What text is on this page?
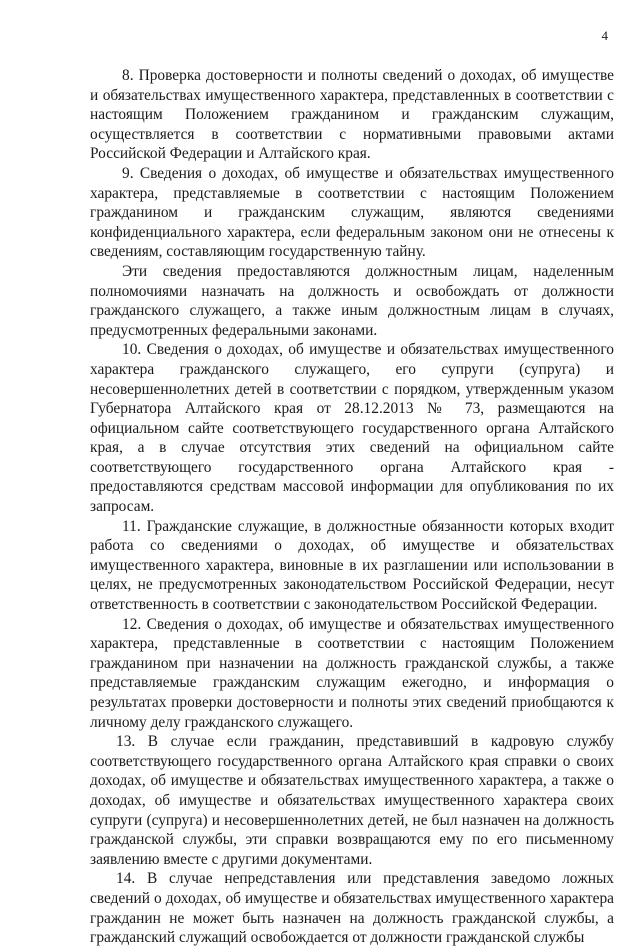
4

8. Проверка достоверности и полноты сведений о доходах, об имуществе и обязательствах имущественного характера, представленных в соответствии с настоящим Положением гражданином и гражданским служащим, осуществляется в соответствии с нормативными правовыми актами Российской Федерации и Алтайского края.

9. Сведения о доходах, об имуществе и обязательствах имущественного характера, представляемые в соответствии с настоящим Положением гражданином и гражданским служащим, являются сведениями конфиденциального характера, если федеральным законом они не отнесены к сведениям, составляющим государственную тайну.

Эти сведения предоставляются должностным лицам, наделенным полномочиями назначать на должность и освобождать от должности гражданского служащего, а также иным должностным лицам в случаях, предусмотренных федеральными законами.

10. Сведения о доходах, об имуществе и обязательствах имущественного характера гражданского служащего, его супруги (супруга) и несовершеннолетних детей в соответствии с порядком, утвержденным указом Губернатора Алтайского края от 28.12.2013 № 73, размещаются на официальном сайте соответствующего государственного органа Алтайского края, а в случае отсутствия этих сведений на официальном сайте соответствующего государственного органа Алтайского края - предоставляются средствам массовой информации для опубликования по их запросам.

11. Гражданские служащие, в должностные обязанности которых входит работа со сведениями о доходах, об имуществе и обязательствах имущественного характера, виновные в их разглашении или использовании в целях, не предусмотренных законодательством Российской Федерации, несут ответственность в соответствии с законодательством Российской Федерации.

12. Сведения о доходах, об имуществе и обязательствах имущественного характера, представленные в соответствии с настоящим Положением гражданином при назначении на должность гражданской службы, а также представляемые гражданским служащим ежегодно, и информация о результатах проверки достоверности и полноты этих сведений приобщаются к личному делу гражданского служащего.

13. В случае если гражданин, представивший в кадровую службу соответствующего государственного органа Алтайского края справки о своих доходах, об имуществе и обязательствах имущественного характера, а также о доходах, об имуществе и обязательствах имущественного характера своих супруги (супруга) и несовершеннолетних детей, не был назначен на должность гражданской службы, эти справки возвращаются ему по его письменному заявлению вместе с другими документами.

14. В случае непредставления или представления заведомо ложных сведений о доходах, об имуществе и обязательствах имущественного характера гражданин не может быть назначен на должность гражданской службы, а гражданский служащий освобождается от должности гражданской службы
